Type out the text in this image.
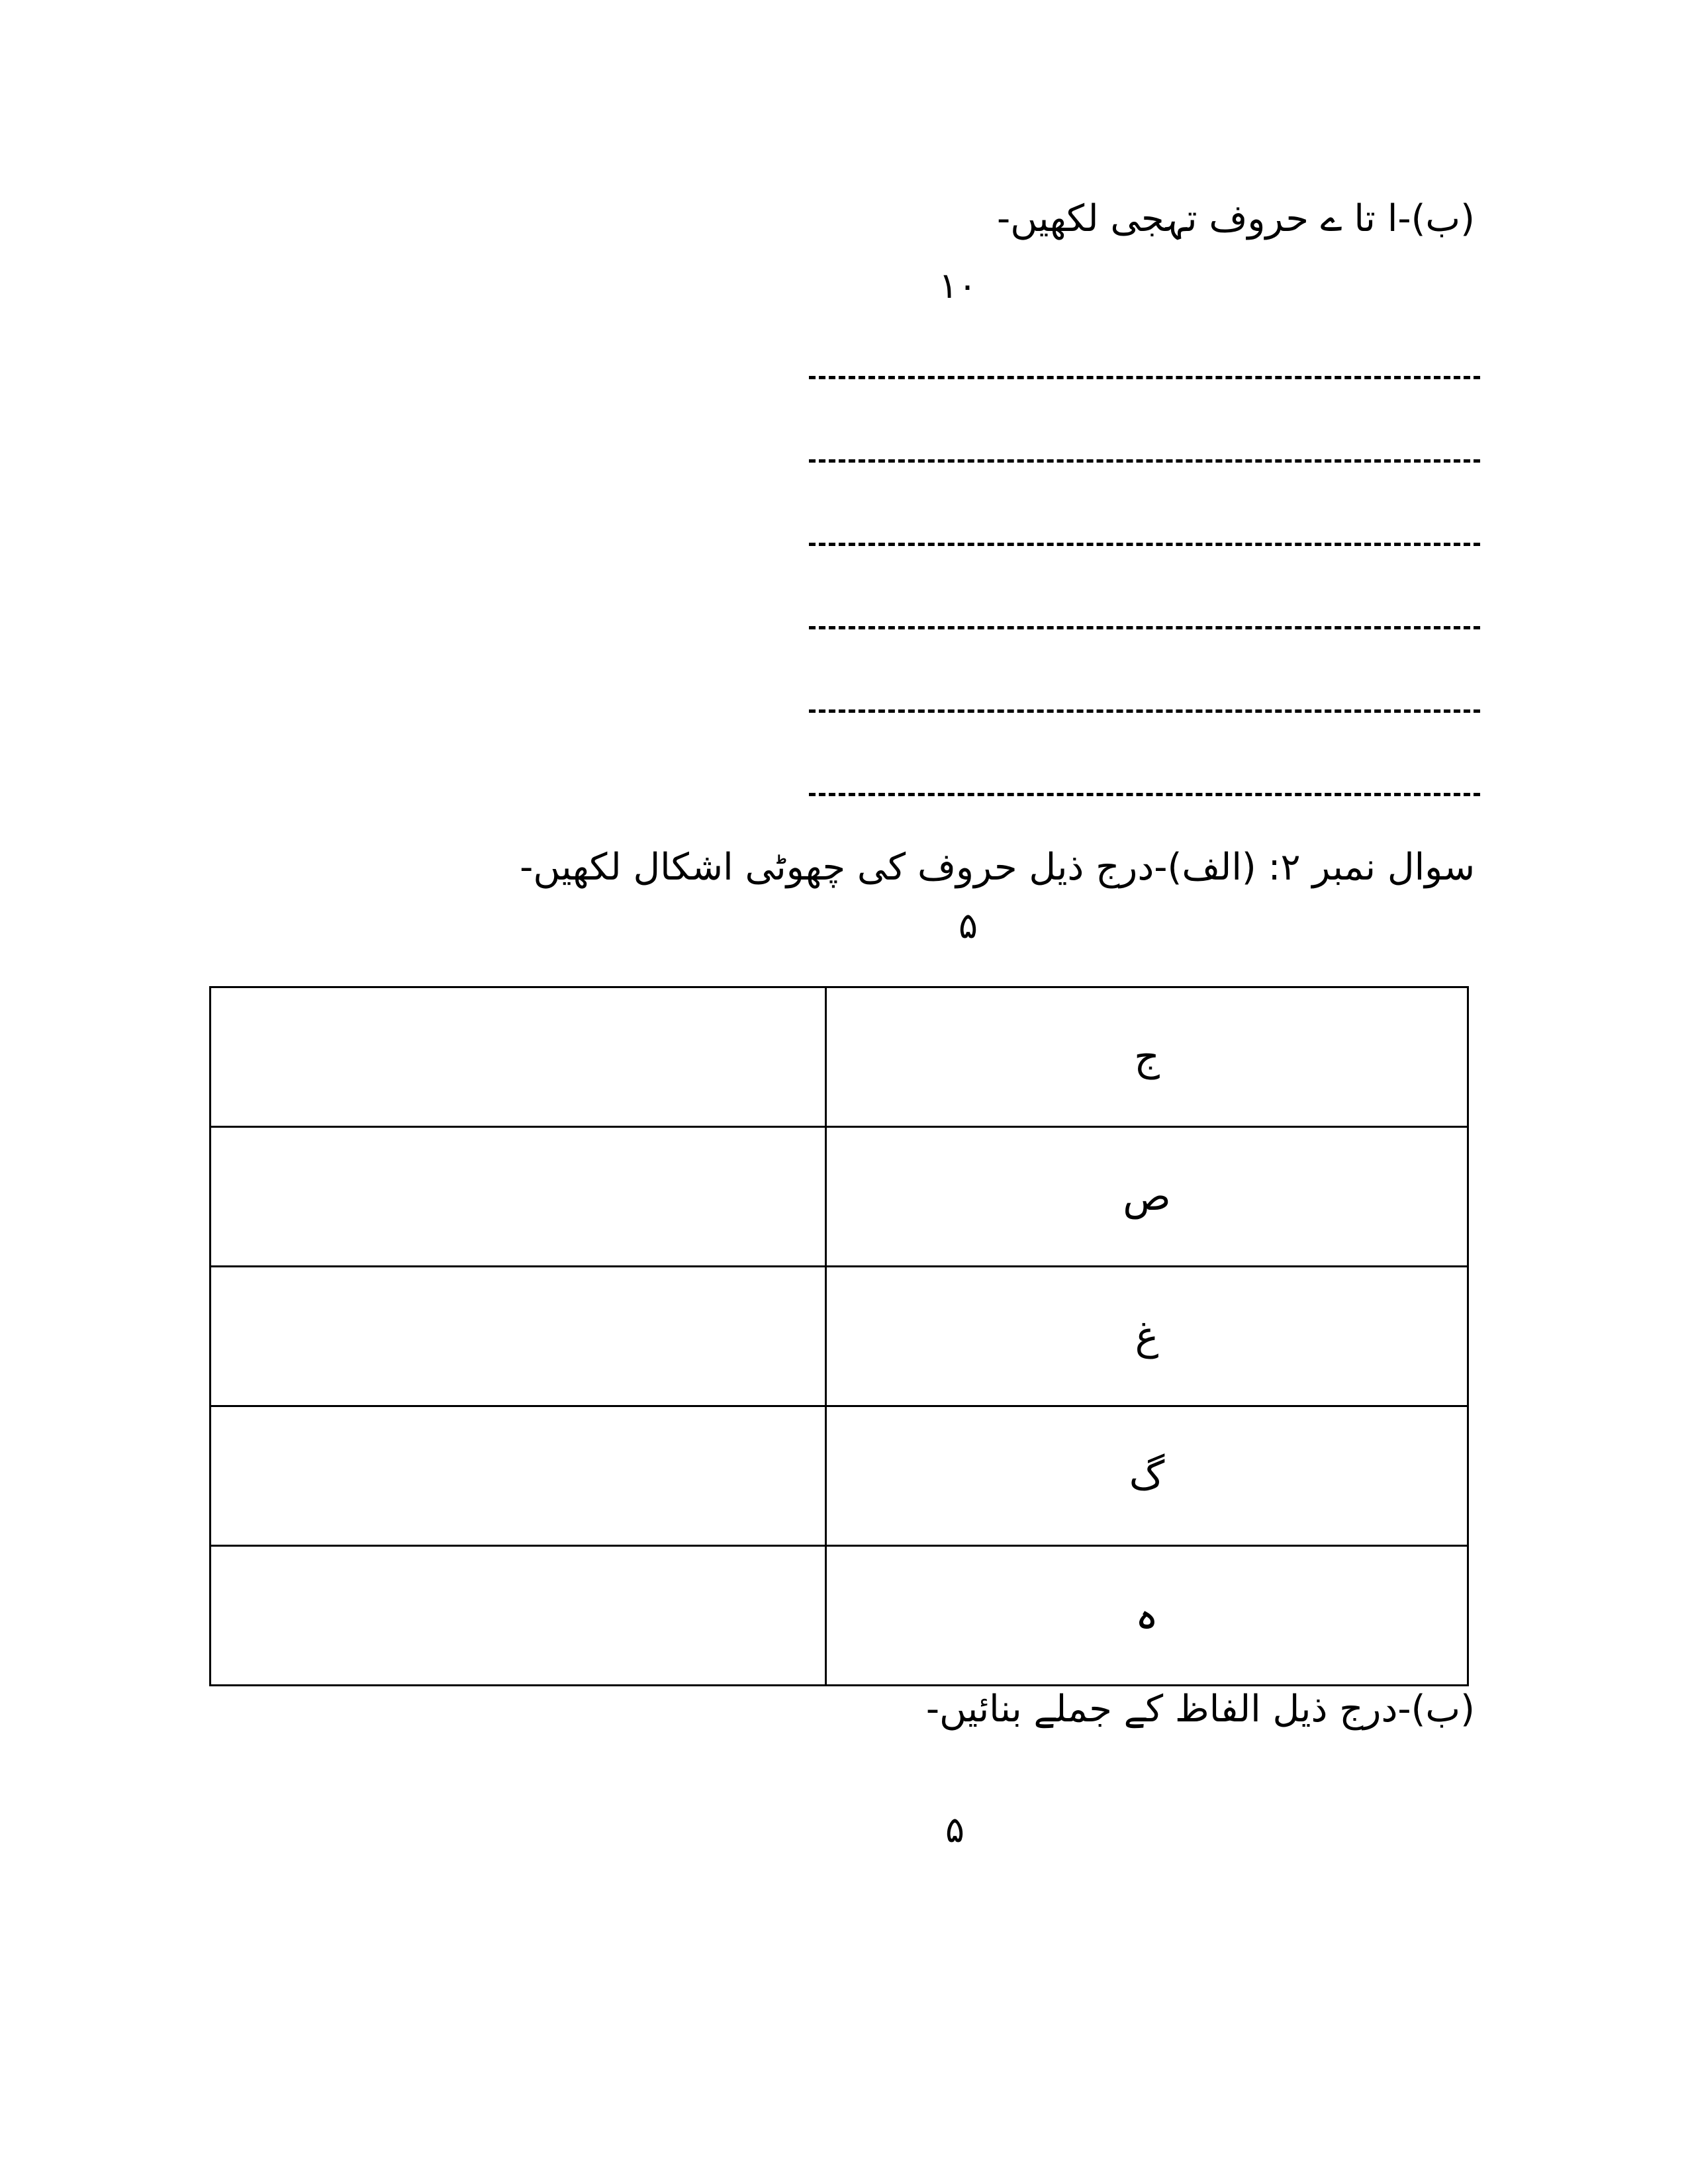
(ب)-ا تا ے حروف تہجی لکھیں-
۱۰
سوال نمبر ۲: (الف)-درج ذیل حروف کی چھوٹی اشکال لکھیں-
۵
	ج
	ص
	غ
	گ
	ہ
(ب)-درج ذیل الفاظ کے جملے بنائیں-
۵
